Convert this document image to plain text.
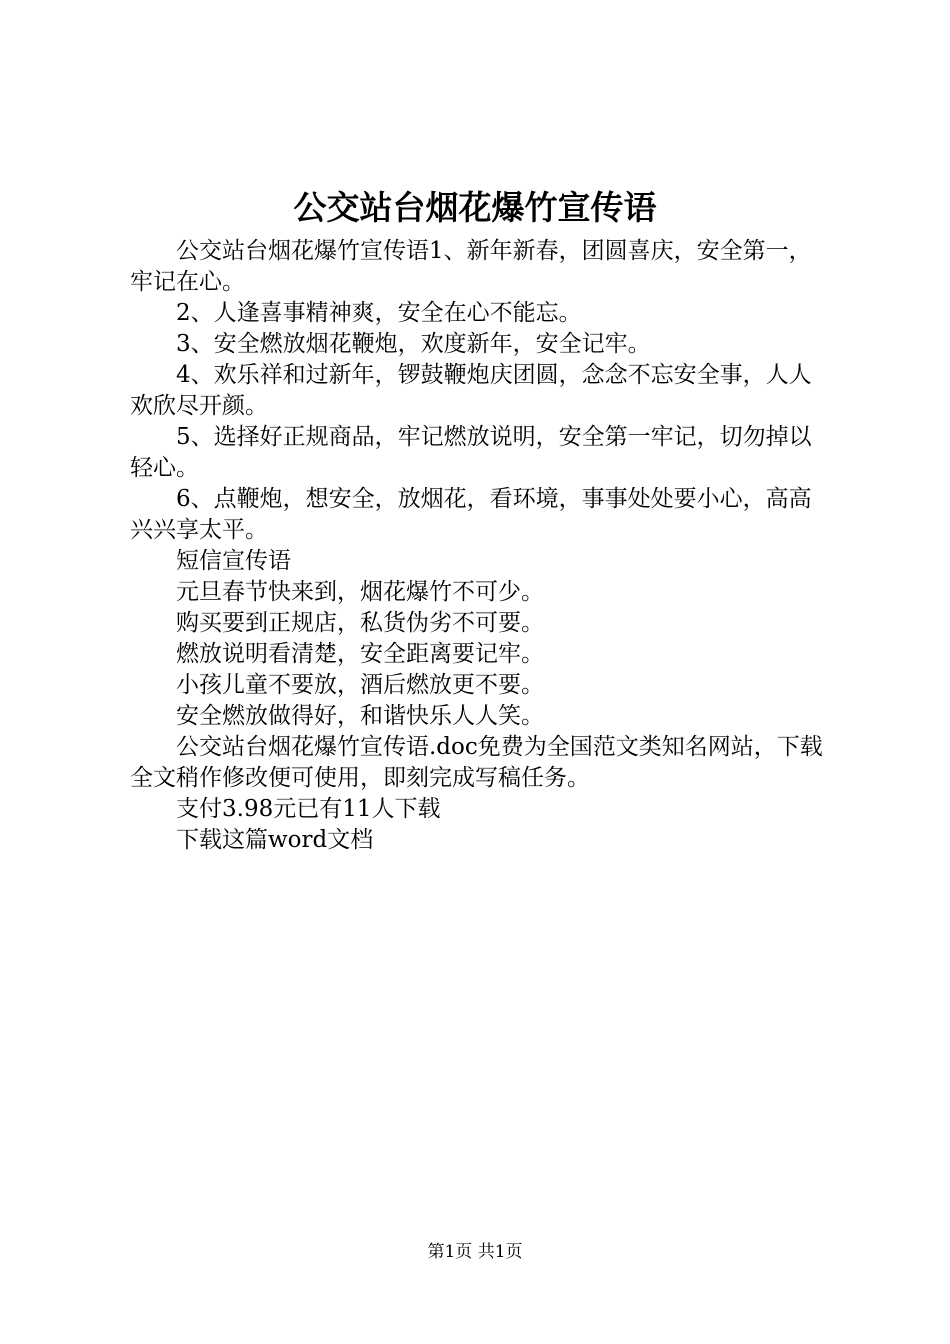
公交站台烟花爆竹宣传语

公交站台烟花爆竹宣传语1、新年新春，团圆喜庆，安全第一，牢记在心。

2、人逢喜事精神爽，安全在心不能忘。

3、安全燃放烟花鞭炮，欢度新年，安全记牢。

4、欢乐祥和过新年，锣鼓鞭炮庆团圆，念念不忘安全事，人人欢欣尽开颜。

5、选择好正规商品，牢记燃放说明，安全第一牢记，切勿掉以轻心。

6、点鞭炮，想安全，放烟花，看环境，事事处处要小心，高高兴兴享太平。

短信宣传语

元旦春节快来到，烟花爆竹不可少。

购买要到正规店，私货伪劣不可要。

燃放说明看清楚，安全距离要记牢。

小孩儿童不要放，酒后燃放更不要。

安全燃放做得好，和谐快乐人人笑。

公交站台烟花爆竹宣传语.doc免费为全国范文类知名网站，下载全文稍作修改便可使用，即刻完成写稿任务。

支付3.98元已有11人下载

下载这篇word文档

第1页 共1页
